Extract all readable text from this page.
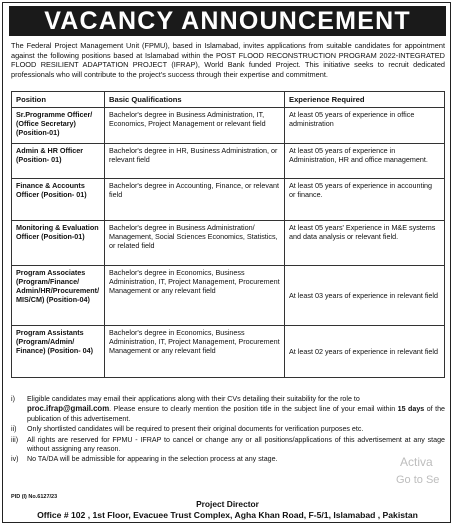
VACANCY ANNOUNCEMENT
The Federal Project Management Unit (FPMU), based in Islamabad, invites applications from suitable candidates for appointment against the following positions based at Islamabad within the POST FLOOD RECONSTRUCTION PROGRAM 2022-INTEGRATED FLOOD RESILIENT ADAPTATION PROJECT (IFRAP), World Bank funded Project. This initiative seeks to recruit dedicated professionals who will contribute to the project's success through their expertise and commitment.
Position	Basic Qualifications	Experience Required
Sr.Programme Officer/ (Office Secretary) (Position-01)	Bachelor's degree in Business Administration, IT, Economics, Project Management or relevant field	At least 05 years of experience in office administration
Admin & HR Officer (Position- 01)	Bachelor's degree in HR, Business Administration, or relevant field	At least 05 years of experience in Administration, HR and office management.
Finance & Accounts Officer (Position- 01)	Bachelor's degree in Accounting, Finance, or relevant field	At least 05 years of experience in accounting or finance.
Monitoring & Evaluation Officer (Position-01)	Bachelor's degree in Business Administration/ Management, Social Sciences Economics, Statistics, or related field	At least 05 years' Experience in M&E systems and data analysis or relevant field.
Program Associates (Program/Finance/ Admin/HR/Procurement/ MIS/CM) (Position-04)	Bachelor's degree in Economics, Business Administration, IT, Project Management, Procurement Management or any relevant field	At least 03 years of experience in relevant field
Program Assistants (Program/Admin/ Finance) (Position- 04)	Bachelor's degree in Economics, Business Administration, IT, Project Management, Procurement Management or any relevant field	At least 02 years of experience in relevant field
i)	Eligible candidates may email their applications along with their CVs detailing their suitability for the role to
proc.ifrap@gmail.com. Please ensure to clearly mention the position title in the subject line of your email within 15 days of the publication of this advertisement.
ii)	Only shortlisted candidates will be required to present their original documents for verification purposes etc.
iii)	All rights are reserved for FPMU - IFRAP to cancel or change any or all positions/applications of this advertisement at any stage without assigning any reason.
iv)	No TA/DA will be admissible for appearing in the selection process at any stage.
PID (I) No.6127/23
Project Director
Office # 102 , 1st Floor, Evacuee Trust Complex, Agha Khan Road, F-5/1, Islamabad , Pakistan
Activa
Go to Se
